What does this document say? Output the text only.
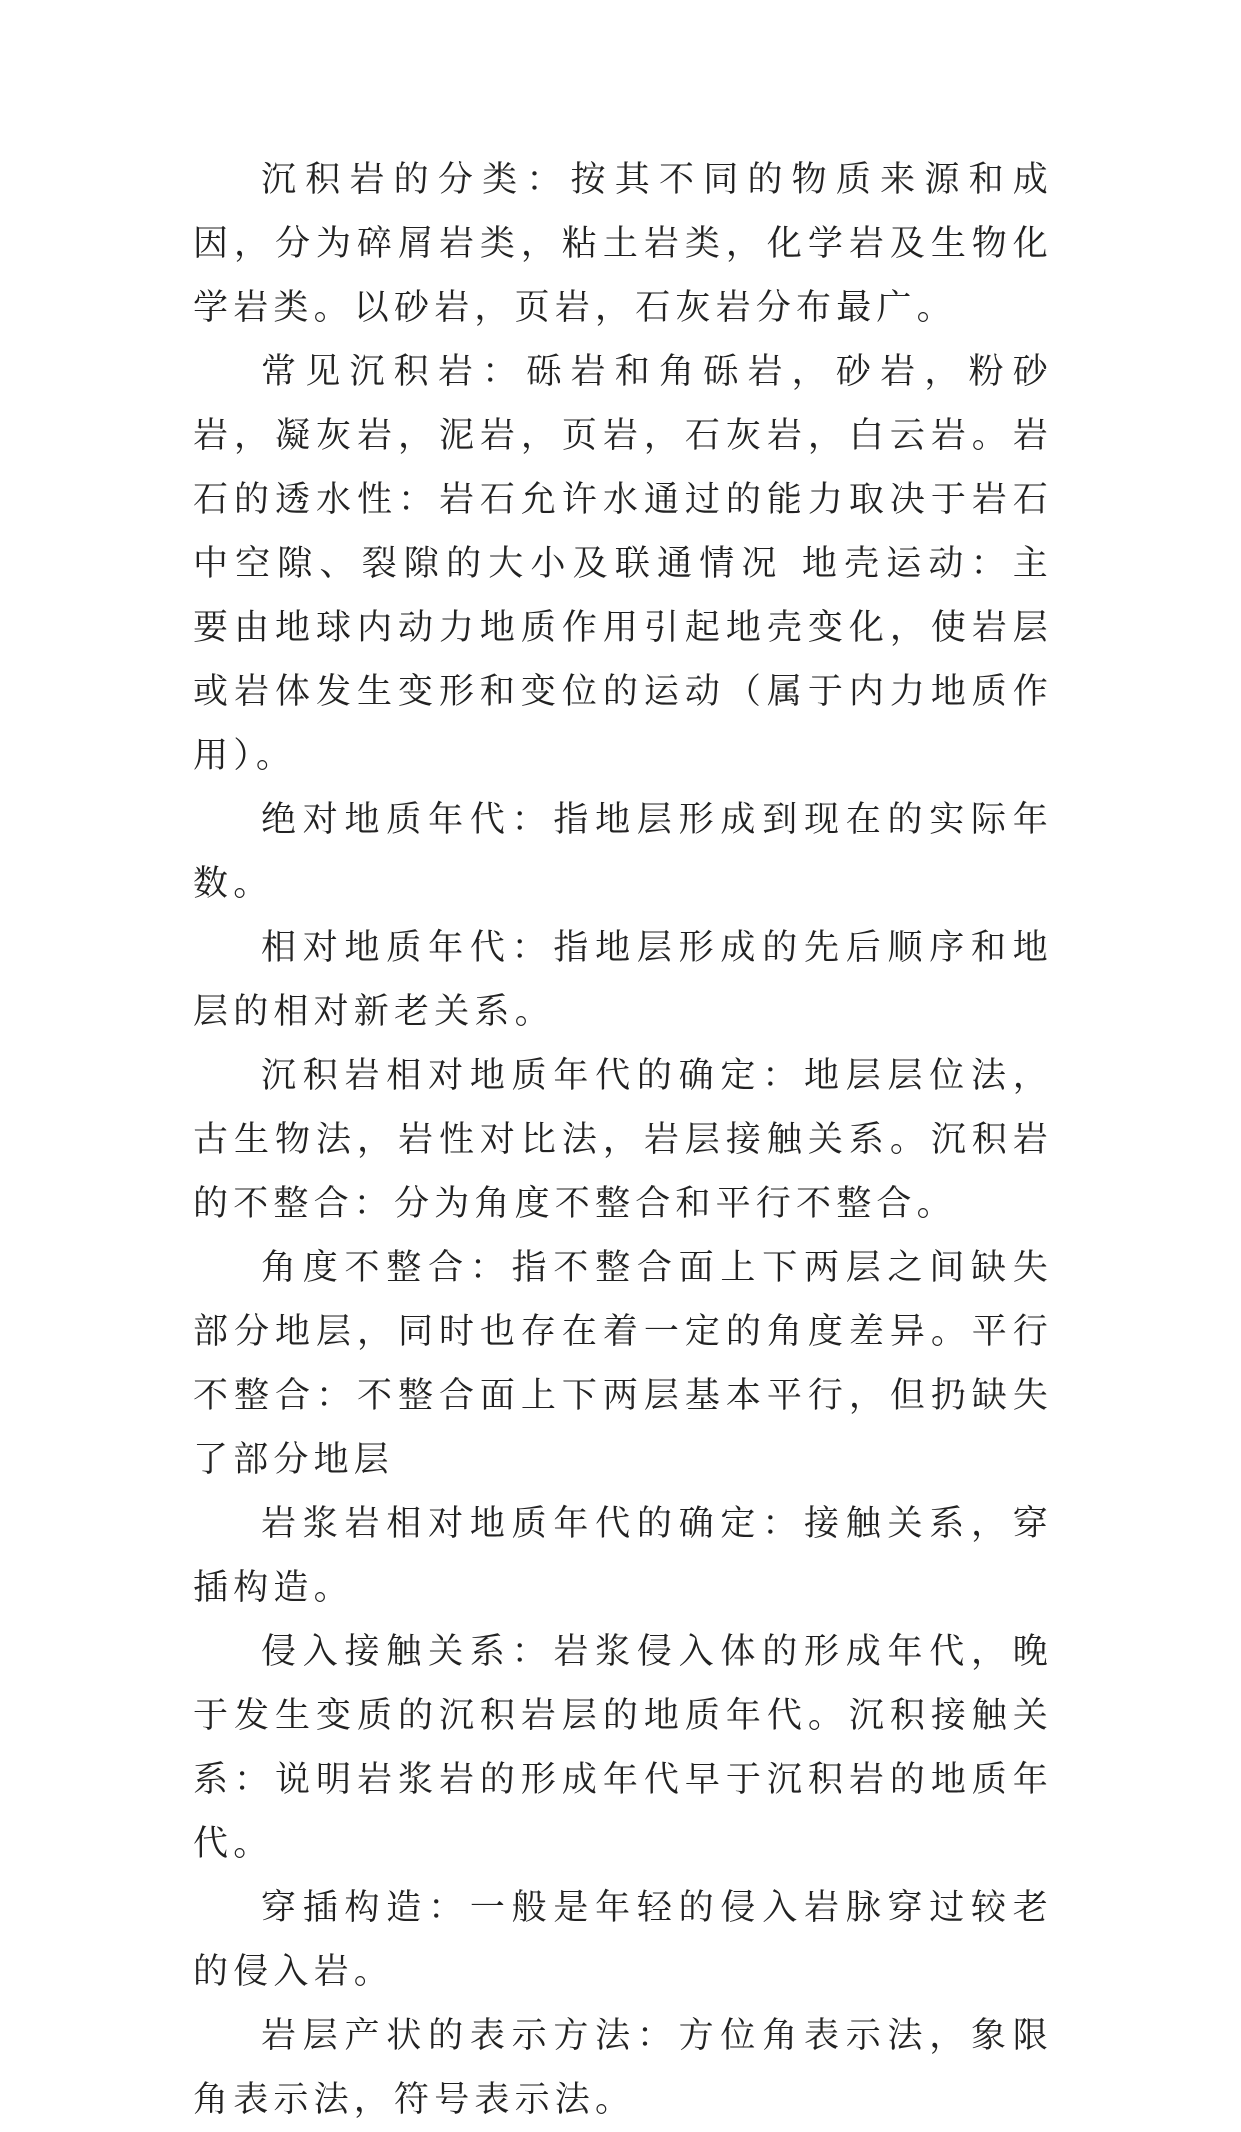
沉积岩的分类：按其不同的物质来源和成因，分为碎屑岩类，粘土岩类，化学岩及生物化学岩类。以砂岩，页岩，石灰岩分布最广。

常见沉积岩：砾岩和角砾岩，砂岩，粉砂岩，凝灰岩，泥岩，页岩，石灰岩，白云岩。岩石的透水性：岩石允许水通过的能力取决于岩石中空隙、裂隙的大小及联通情况 地壳运动：主要由地球内动力地质作用引起地壳变化，使岩层或岩体发生变形和变位的运动（属于内力地质作用）。

绝对地质年代：指地层形成到现在的实际年数。

相对地质年代：指地层形成的先后顺序和地层的相对新老关系。

沉积岩相对地质年代的确定：地层层位法，古生物法，岩性对比法，岩层接触关系。沉积岩的不整合：分为角度不整合和平行不整合。

角度不整合：指不整合面上下两层之间缺失部分地层，同时也存在着一定的角度差异。平行不整合：不整合面上下两层基本平行，但扔缺失了部分地层

岩浆岩相对地质年代的确定：接触关系，穿插构造。

侵入接触关系：岩浆侵入体的形成年代，晚于发生变质的沉积岩层的地质年代。沉积接触关系：说明岩浆岩的形成年代早于沉积岩的地质年代。

穿插构造：一般是年轻的侵入岩脉穿过较老的侵入岩。

岩层产状的表示方法：方位角表示法，象限角表示法，符号表示法。
